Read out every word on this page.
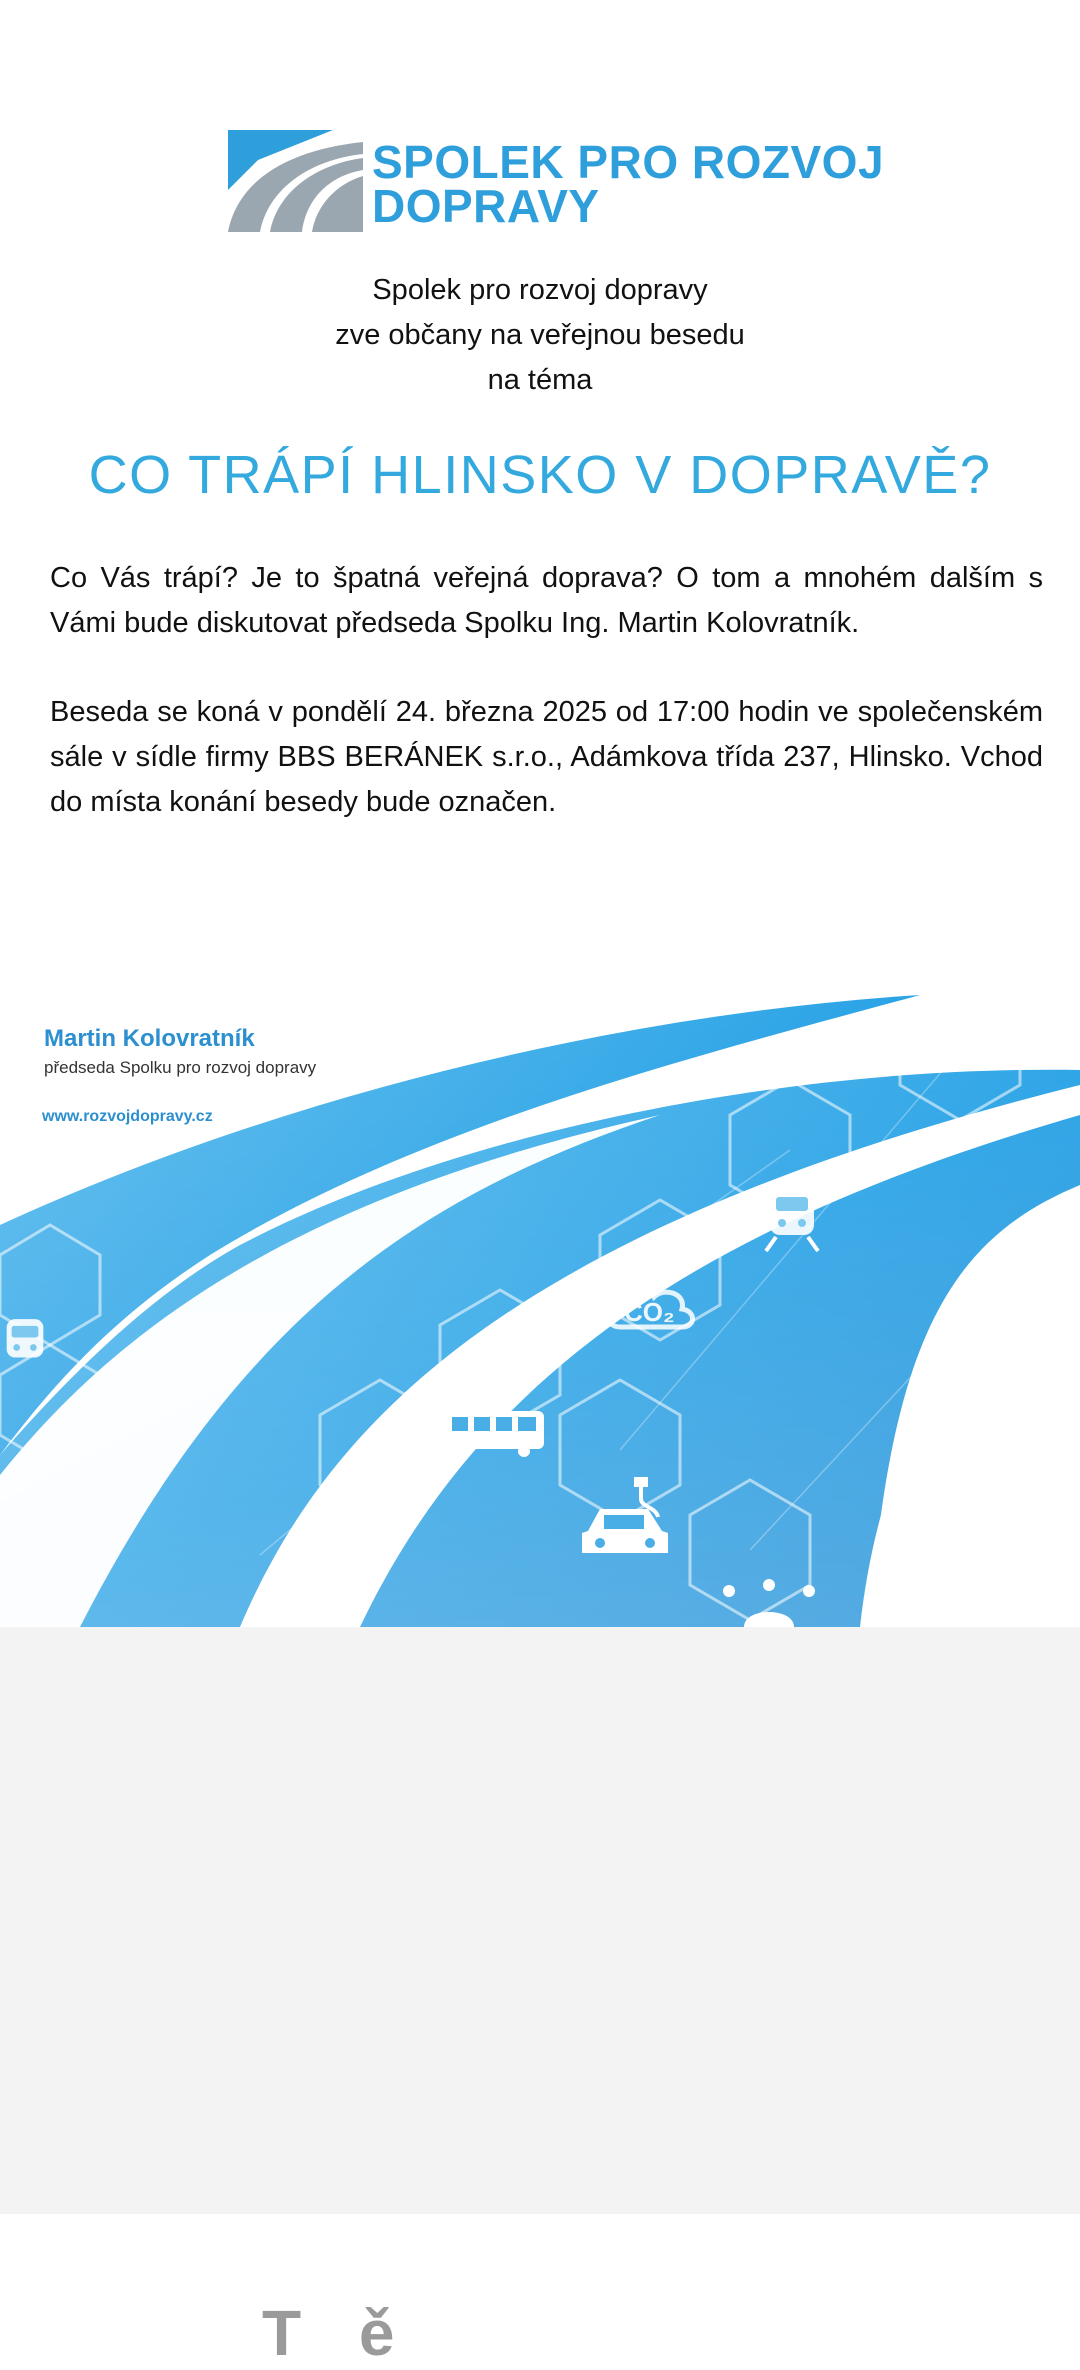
SPOLEK PRO ROZVOJ
DOPRAVY
Spolek pro rozvoj dopravy
zve občany na veřejnou besedu
na téma
CO TRÁPÍ HLINSKO V DOPRAVĚ?
Co Vás trápí? Je to špatná veřejná doprava? O tom a mnohém dalším s Vámi bude diskutovat předseda Spolku Ing. Martin Kolovratník.
Beseda se koná v pondělí 24. března 2025 od 17:00 hodin ve společenském sále v sídle firmy BBS BERÁNEK s.r.o., Adámkova třída 237, Hlinsko. Vchod do místa konání besedy bude označen.
CO₂
Martin Kolovratník
předseda Spolku pro rozvoj dopravy
www.rozvojdopravy.cz
T ě
